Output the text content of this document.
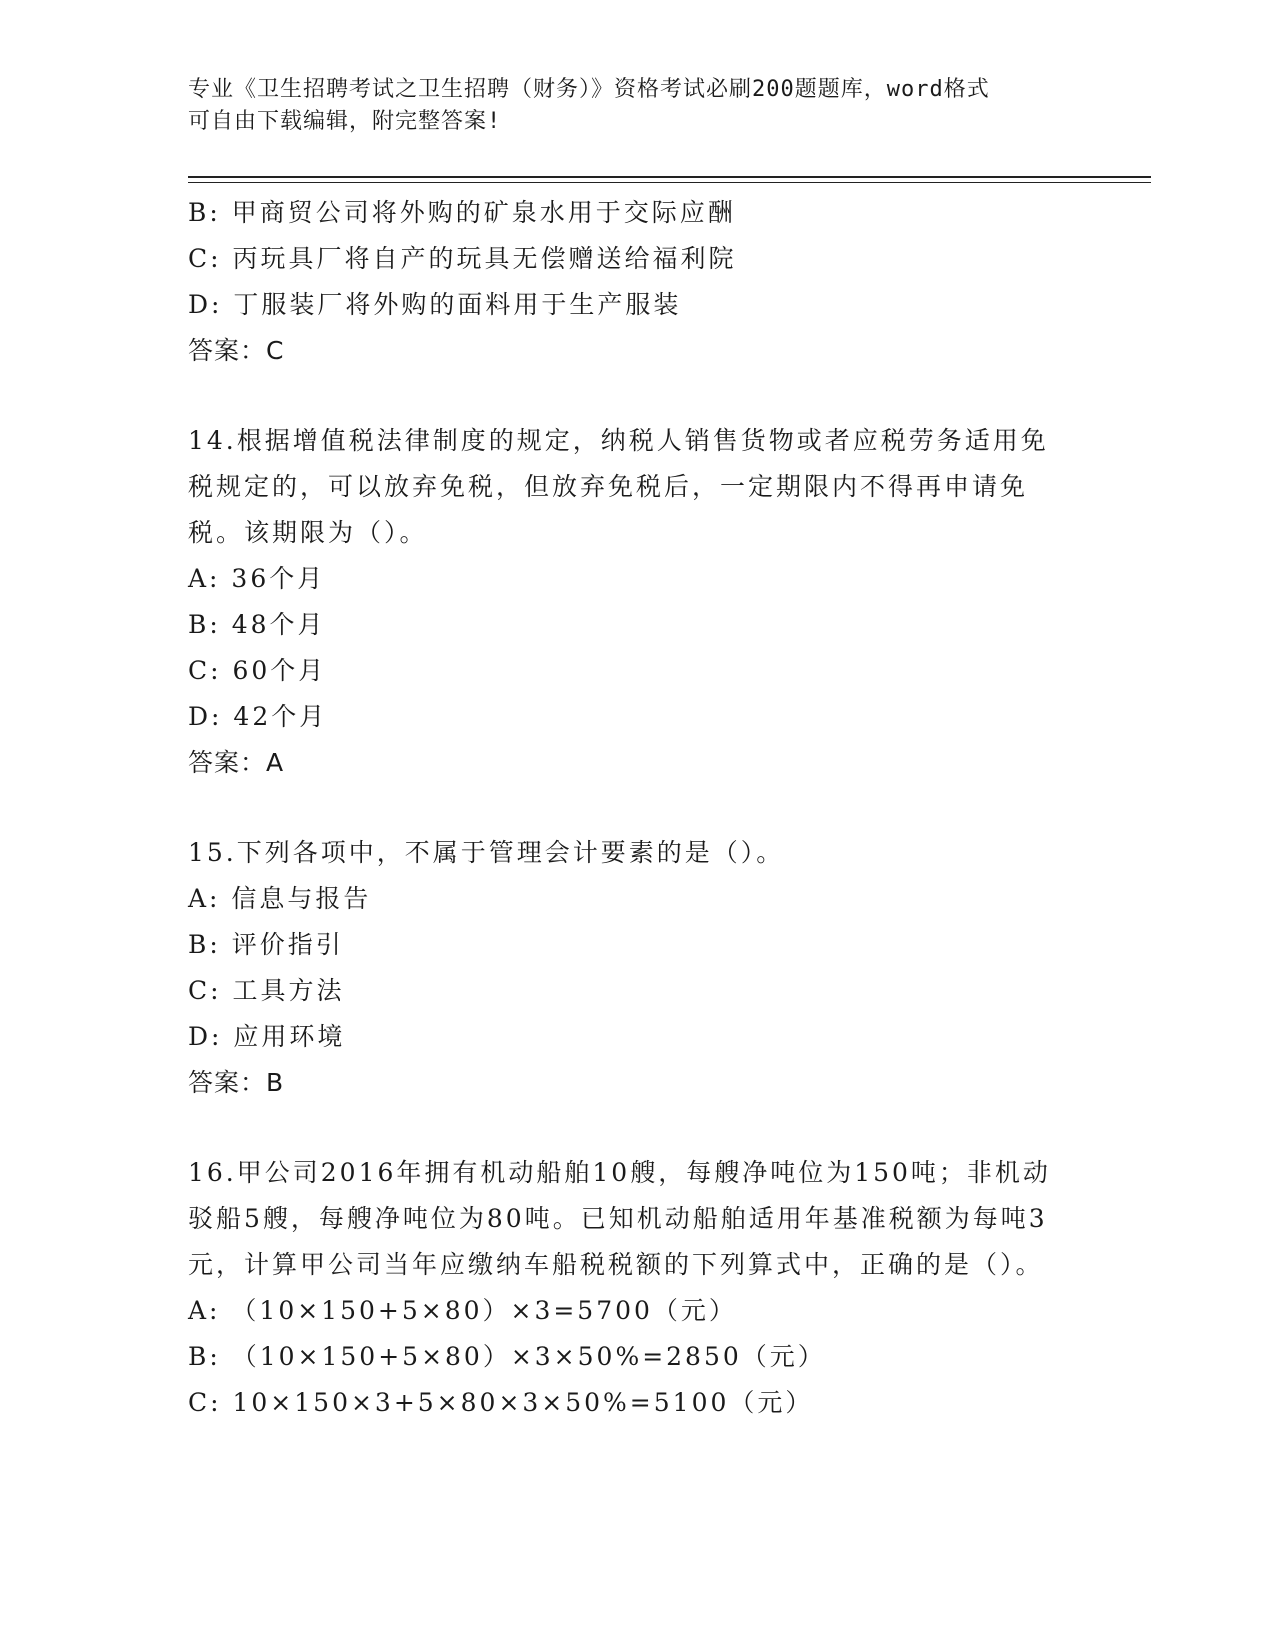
专业《卫生招聘考试之卫生招聘（财务）》资格考试必刷200题题库，word格式
可自由下载编辑，附完整答案!
B: 甲商贸公司将外购的矿泉水用于交际应酬
C: 丙玩具厂将自产的玩具无偿赠送给福利院
D: 丁服装厂将外购的面料用于生产服装
答案：C
14.根据增值税法律制度的规定，纳税人销售货物或者应税劳务适用免税规定的，可以放弃免税，但放弃免税后，一定期限内不得再申请免税。该期限为（）。
A: 36个月
B: 48个月
C: 60个月
D: 42个月
答案：A
15.下列各项中，不属于管理会计要素的是（）。
A: 信息与报告
B: 评价指引
C: 工具方法
D: 应用环境
答案：B
16.甲公司2016年拥有机动船舶10艘，每艘净吨位为150吨；非机动驳船5艘，每艘净吨位为80吨。已知机动船舶适用年基准税额为每吨3元，计算甲公司当年应缴纳车船税税额的下列算式中，正确的是（）。
A: （10×150+5×80）×3=5700（元）
B: （10×150+5×80）×3×50%=2850（元）
C: 10×150×3+5×80×3×50%=5100（元）
